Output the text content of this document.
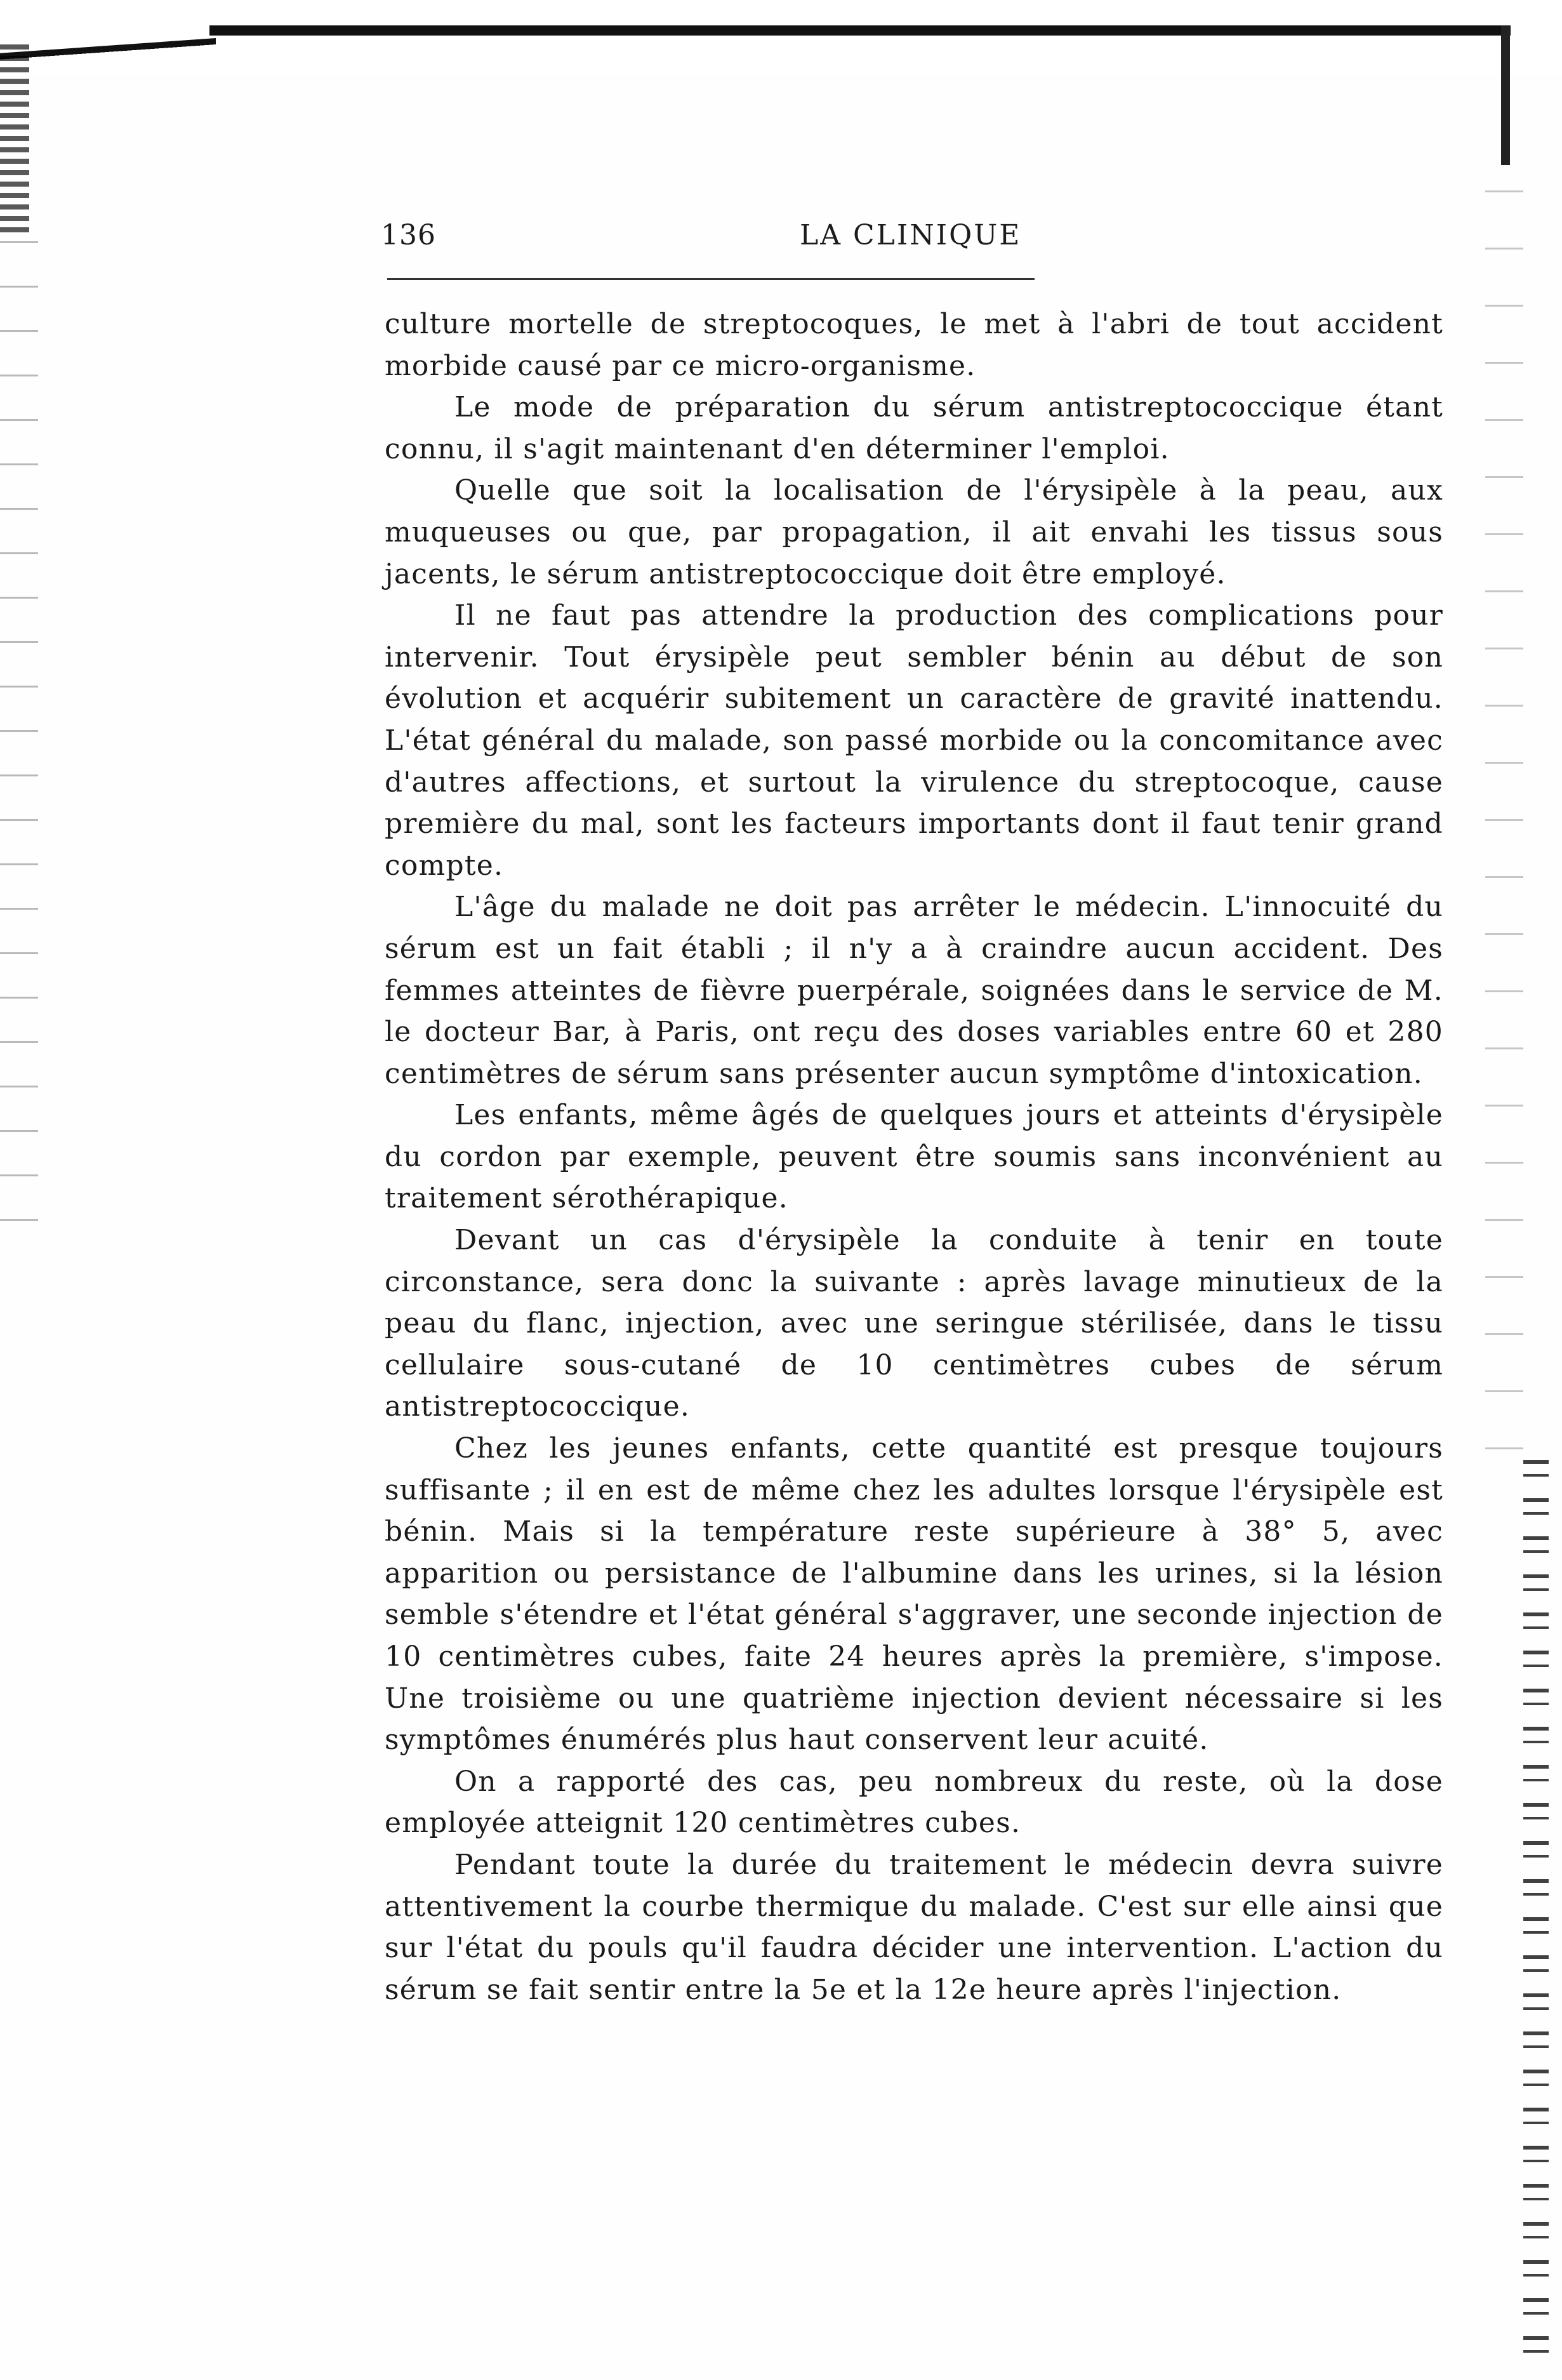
136	LA CLINIQUE

culture mortelle de streptocoques, le met à l'abri de tout accident morbide causé par ce micro-organisme.

Le mode de préparation du sérum antistreptococcique étant connu, il s'agit maintenant d'en déterminer l'emploi.

Quelle que soit la localisation de l'érysipèle à la peau, aux muqueuses ou que, par propagation, il ait envahi les tissus sous jacents, le sérum antistreptococcique doit être employé.

Il ne faut pas attendre la production des complications pour intervenir. Tout érysipèle peut sembler bénin au début de son évolution et acquérir subitement un caractère de gravité inattendu. L'état général du malade, son passé morbide ou la concomitance avec d'autres affections, et surtout la virulence du streptocoque, cause première du mal, sont les facteurs importants dont il faut tenir grand compte.

L'âge du malade ne doit pas arrêter le médecin. L'innocuité du sérum est un fait établi ; il n'y a à craindre aucun accident. Des femmes atteintes de fièvre puerpérale, soignées dans le service de M. le docteur Bar, à Paris, ont reçu des doses variables entre 60 et 280 centimètres de sérum sans présenter aucun symptôme d'intoxication.

Les enfants, même âgés de quelques jours et atteints d'érysipèle du cordon par exemple, peuvent être soumis sans inconvénient au traitement sérothérapique.

Devant un cas d'érysipèle la conduite à tenir en toute circonstance, sera donc la suivante : après lavage minutieux de la peau du flanc, injection, avec une seringue stérilisée, dans le tissu cellulaire sous-cutané de 10 centimètres cubes de sérum antistreptococcique.

Chez les jeunes enfants, cette quantité est presque toujours suffisante ; il en est de même chez les adultes lorsque l'érysipèle est bénin. Mais si la température reste supérieure à 38° 5, avec apparition ou persistance de l'albumine dans les urines, si la lésion semble s'étendre et l'état général s'aggraver, une seconde injection de 10 centimètres cubes, faite 24 heures après la première, s'impose. Une troisième ou une quatrième injection devient nécessaire si les symptômes énumérés plus haut conservent leur acuité.

On a rapporté des cas, peu nombreux du reste, où la dose employée atteignit 120 centimètres cubes.

Pendant toute la durée du traitement le médecin devra suivre attentivement la courbe thermique du malade. C'est sur elle ainsi que sur l'état du pouls qu'il faudra décider une intervention. L'action du sérum se fait sentir entre la 5e et la 12e heure après l'injection.
